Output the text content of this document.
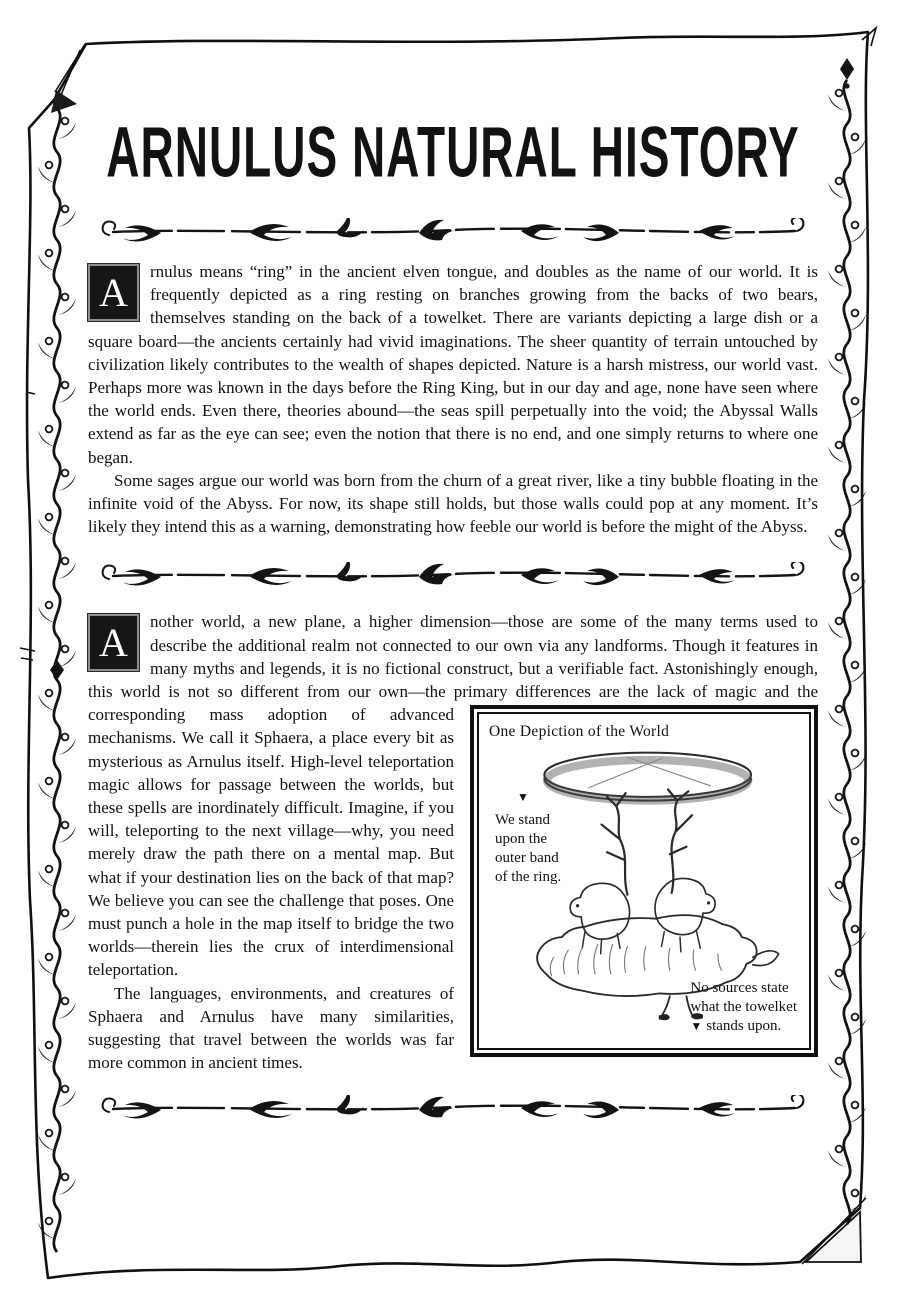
ARNULUS NATURAL HISTORY

A	rnulus means “ring” in the ancient elven tongue, and doubles as the name of our world. It is frequently depicted as a ring resting on branches growing from the backs of two bears, themselves standing on the back of a towelket. There are variants depicting a large dish or a square board—the ancients certainly had vivid imaginations. The sheer quantity of terrain untouched by civilization likely contributes to the wealth of shapes depicted. Nature is a harsh mistress, our world vast. Perhaps more was known in the days before the Ring King, but in our day and age, none have seen where the world ends. Even there, theories abound—the seas spill perpetually into the void; the Abyssal Walls extend as far as the eye can see; even the notion that there is no end, and one simply returns to where one began.

Some sages argue our world was born from the churn of a great river, like a tiny bubble floating in the infinite void of the Abyss. For now, its shape still holds, but those walls could pop at any moment. It’s likely they intend this as a warning, demonstrating how feeble our world is before the might of the Abyss.

A	nother world, a new plane, a higher dimension—those are some of the many terms used to describe the additional realm not connected to our own via any landforms. Though it features in many myths and legends, it is no fictional construct, but a verifiable fact. Astonishingly enough, this world is not so different from our own—the primary differences are the lack of magic and the corresponding mass
One Depiction of the World
▼
We stand
upon the
outer band
of the ring.
No sources state
what the towelket
▼ stands upon.
adoption of advanced mechanisms. We call it Sphaera, a place every bit as mysterious as Arnulus itself. High-level teleportation magic allows for passage between the worlds, but these spells are inordinately difficult. Imagine, if you will, teleporting to the next village—why, you need merely draw the path there on a mental map. But what if your destination lies on the back of that map? We believe you can see the challenge that poses. One must punch a hole in the map itself to bridge the two worlds—therein lies the crux of interdimensional teleportation.

The languages, environments, and creatures of Sphaera and Arnulus have many similarities, suggesting that travel between the worlds was far more common in ancient times.
